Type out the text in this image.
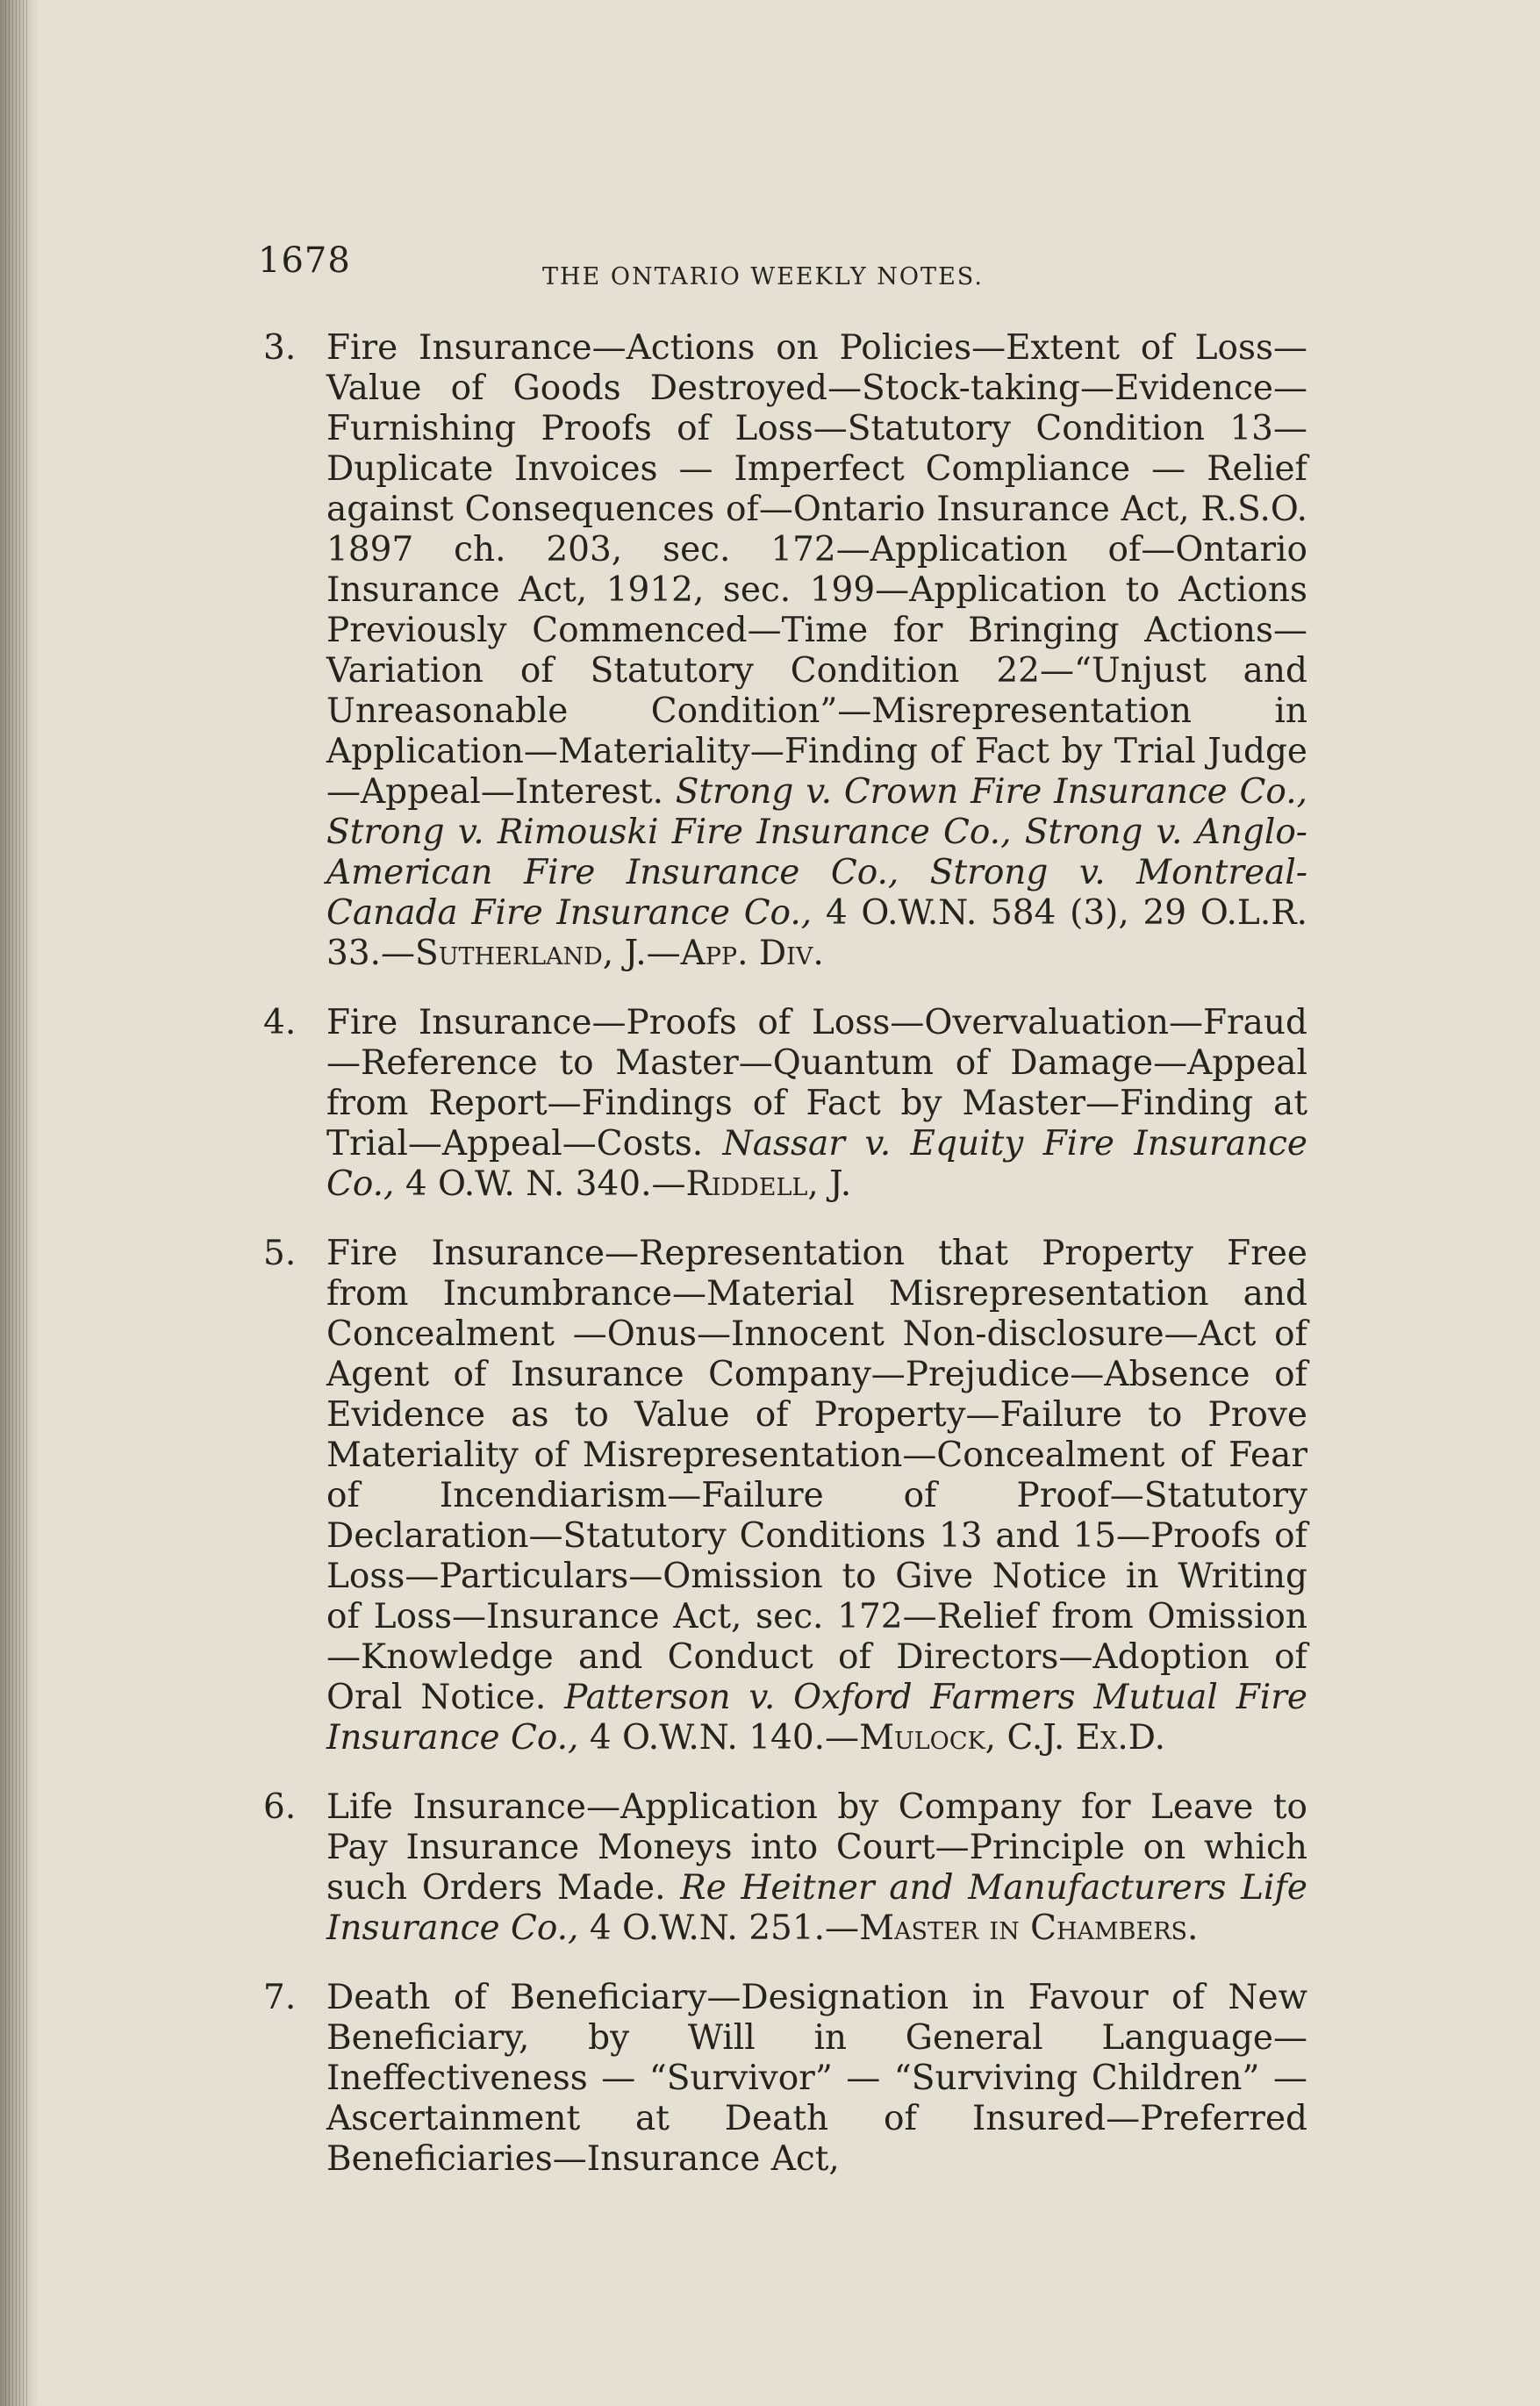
1678	THE ONTARIO WEEKLY NOTES.
3. Fire Insurance—Actions on Policies—Extent of Loss—Value of Goods Destroyed—Stock-taking—Evidence—Furnishing Proofs of Loss—Statutory Condition 13—Duplicate Invoices — Imperfect Compliance — Relief against Consequences of—Ontario Insurance Act, R.S.O. 1897 ch. 203, sec. 172—Application of—Ontario Insurance Act, 1912, sec. 199—Application to Actions Previously Commenced—Time for Bringing Actions—Variation of Statutory Condition 22—“Unjust and Unreasonable Condition”—Misrepresentation in Application—Materiality—Finding of Fact by Trial Judge—Appeal—Interest. Strong v. Crown Fire Insurance Co., Strong v. Rimouski Fire Insurance Co., Strong v. Anglo-American Fire Insurance Co., Strong v. Montreal-Canada Fire Insurance Co., 4 O.W.N. 584 (3), 29 O.L.R. 33.—Sutherland, J.—App. Div.
4. Fire Insurance—Proofs of Loss—Overvaluation—Fraud—Reference to Master—Quantum of Damage—Appeal from Report—Findings of Fact by Master—Finding at Trial—Appeal—Costs. Nassar v. Equity Fire Insurance Co., 4 O.W. N. 340.—Riddell, J.
5. Fire Insurance—Representation that Property Free from Incumbrance—Material Misrepresentation and Concealment —Onus—Innocent Non-disclosure—Act of Agent of Insurance Company—Prejudice—Absence of Evidence as to Value of Property—Failure to Prove Materiality of Misrepresentation—Concealment of Fear of Incendiarism—Failure of Proof—Statutory Declaration—Statutory Conditions 13 and 15—Proofs of Loss—Particulars—Omission to Give Notice in Writing of Loss—Insurance Act, sec. 172—Relief from Omission—Knowledge and Conduct of Directors—Adoption of Oral Notice. Patterson v. Oxford Farmers Mutual Fire Insurance Co., 4 O.W.N. 140.—Mulock, C.J. Ex.D.
6. Life Insurance—Application by Company for Leave to Pay Insurance Moneys into Court—Principle on which such Orders Made. Re Heitner and Manufacturers Life Insurance Co., 4 O.W.N. 251.—Master in Chambers.
7. Death of Beneficiary—Designation in Favour of New Beneficiary, by Will in General Language—Ineffectiveness — “Survivor” — “Surviving Children” — Ascertainment at Death of Insured—Preferred Beneficiaries—Insurance Act,
